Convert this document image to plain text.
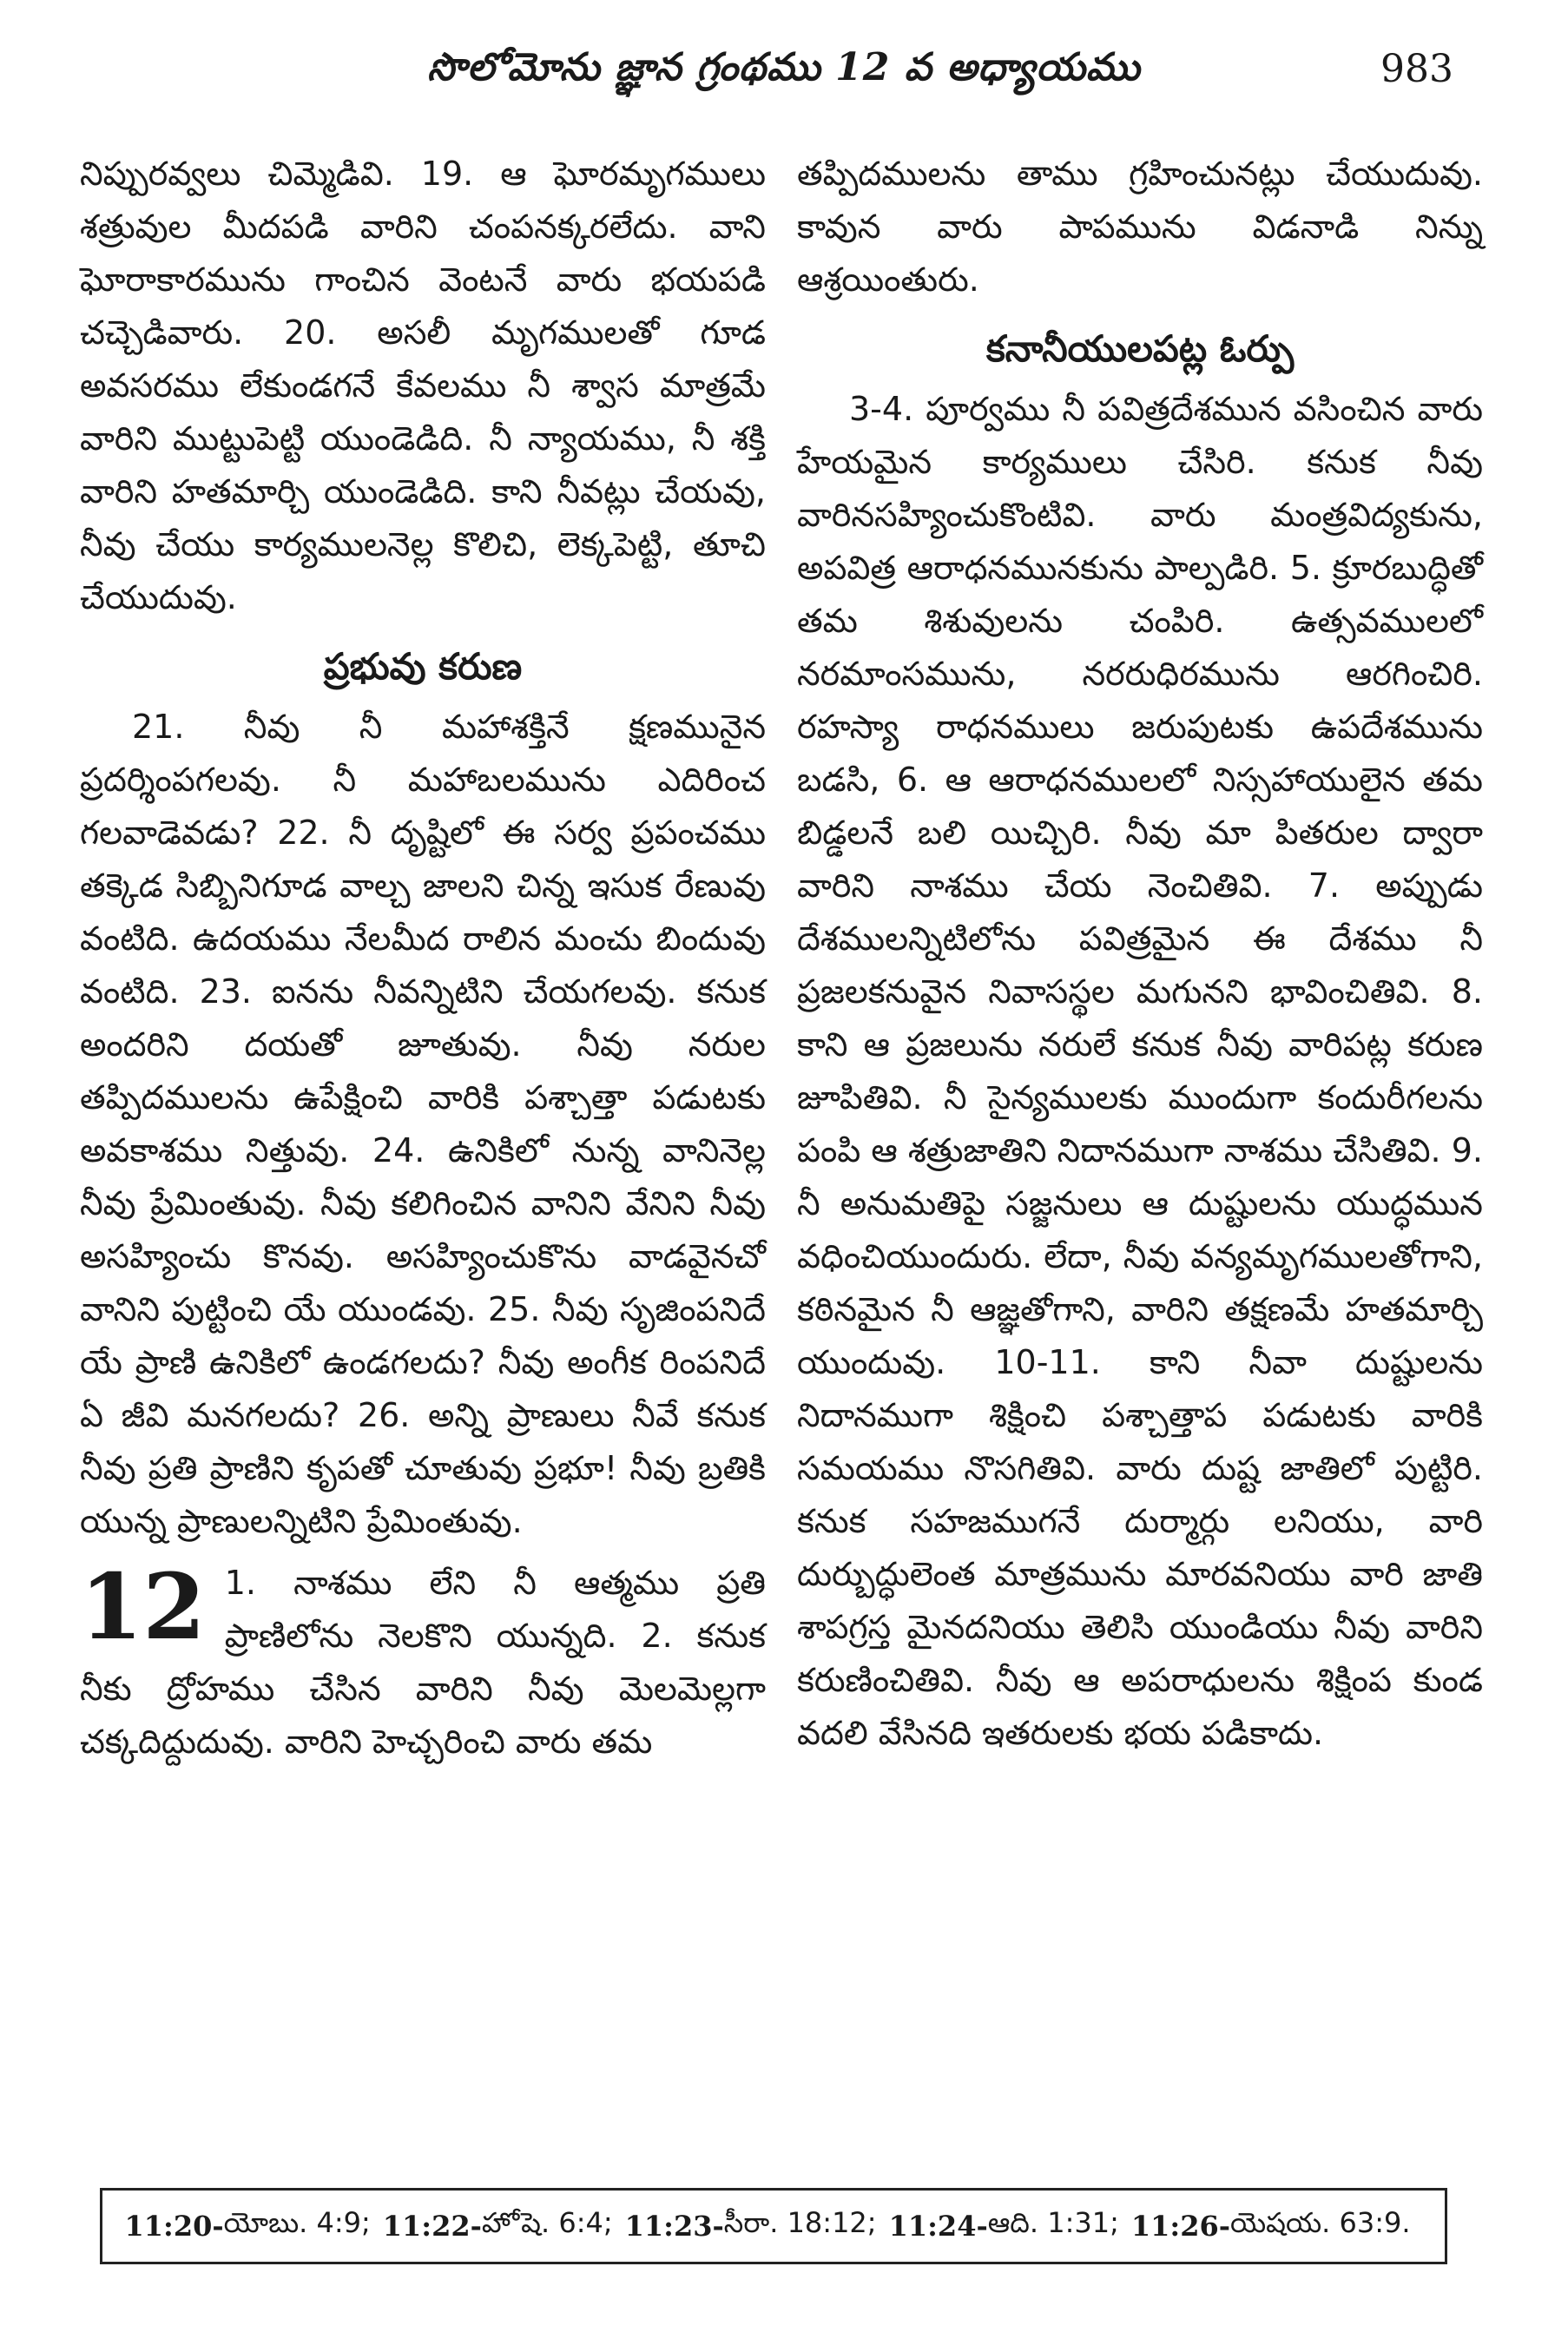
సొలోమోను జ్ఞాన గ్రంథము 12 వ అధ్యాయము	983

నిప్పురవ్వలు చిమ్మెడివి. 19. ఆ ఘోరమృగములు శత్రువుల మీదపడి వారిని చంపనక్కరలేదు. వాని ఘోరాకారమును గాంచిన వెంటనే వారు భయపడి చచ్చెడివారు. 20. అసలీ మృగములతో గూడ అవసరము లేకుండగనే కేవలము నీ శ్వాస మాత్రమే వారిని ముట్టుపెట్టి యుండెడిది. నీ న్యాయము, నీ శక్తి వారిని హతమార్చి యుండెడిది. కాని నీవట్లు చేయవు, నీవు చేయు కార్యములనెల్ల కొలిచి, లెక్కపెట్టి, తూచి చేయుదువు.

ప్రభువు కరుణ

21. నీవు నీ మహాశక్తినే క్షణమునైన ప్రదర్శింపగలవు. నీ మహాబలమును ఎదిరించ గలవాడెవడు? 22. నీ దృష్టిలో ఈ సర్వ ప్రపంచము తక్కెడ సిబ్బినిగూడ వాల్చ జాలని చిన్న ఇసుక రేణువు వంటిది. ఉదయము నేలమీద రాలిన మంచు బిందువు వంటిది. 23. ఐనను నీవన్నిటిని చేయగలవు. కనుక అందరిని దయతో జూతువు. నీవు నరుల తప్పిదములను ఉపేక్షించి వారికి పశ్చాత్తా పడుటకు అవకాశము నిత్తువు. 24. ఉనికిలో నున్న వానినెల్ల నీవు ప్రేమింతువు. నీవు కలిగించిన వానిని వేనిని నీవు అసహ్యించు కొనవు. అసహ్యించుకొను వాడవైనచో వానిని పుట్టించి యే యుండవు. 25. నీవు సృజింపనిదే యే ప్రాణి ఉనికిలో ఉండగలదు? నీవు అంగీక రింపనిదే ఏ జీవి మనగలదు? 26. అన్ని ప్రాణులు నీవే కనుక నీవు ప్రతి ప్రాణిని కృపతో చూతువు ప్రభూ! నీవు బ్రతికి యున్న ప్రాణులన్నిటిని ప్రేమింతువు.

12 1. నాశము లేని నీ ఆత్మము ప్రతి ప్రాణిలోను నెలకొని యున్నది. 2. కనుక నీకు ద్రోహము చేసిన వారిని నీవు మెలమెల్లగా చక్కదిద్దుదువు. వారిని హెచ్చరించి వారు తమ

తప్పిదములను తాము గ్రహించునట్లు చేయుదువు. కావున వారు పాపమును విడనాడి నిన్ను ఆశ్రయింతురు.

కనానీయులపట్ల ఓర్పు

3-4. పూర్వము నీ పవిత్రదేశమున వసించిన వారు హేయమైన కార్యములు చేసిరి. కనుక నీవు వారినసహ్యించుకొంటివి. వారు మంత్రవిద్యకును, అపవిత్ర ఆరాధనమునకును పాల్పడిరి. 5. క్రూరబుద్ధితో తమ శిశువులను చంపిరి. ఉత్సవములలో నరమాంసమును, నరరుధిరమును ఆరగించిరి. రహస్యా రాధనములు జరుపుటకు ఉపదేశమును బడసి, 6. ఆ ఆరాధనములలో నిస్సహాయులైన తమ బిడ్డలనే బలి యిచ్చిరి. నీవు మా పితరుల ద్వారా వారిని నాశము చేయ నెంచితివి. 7. అప్పుడు దేశములన్నిటిలోను పవిత్రమైన ఈ దేశము నీ ప్రజలకనువైన నివాసస్థల మగునని భావించితివి. 8. కాని ఆ ప్రజలును నరులే కనుక నీవు వారిపట్ల కరుణ జూపితివి. నీ సైన్యములకు ముందుగా కందురీగలను పంపి ఆ శత్రుజాతిని నిదానముగా నాశము చేసితివి. 9. నీ అనుమతిపై సజ్జనులు ఆ దుష్టులను యుద్ధమున వధించియుందురు. లేదా, నీవు వన్యమృగములతోగాని, కఠినమైన నీ ఆజ్ఞతోగాని, వారిని తక్షణమే హతమార్చి యుందువు. 10-11. కాని నీవా దుష్టులను నిదానముగా శిక్షించి పశ్చాత్తాప పడుటకు వారికి సమయము నొసగితివి. వారు దుష్ట జాతిలో పుట్టిరి. కనుక సహజముగనే దుర్మార్గు లనియు, వారి దుర్బుద్ధులెంత మాత్రమును మారవనియు వారి జాతి శాపగ్రస్త మైనదనియు తెలిసి యుండియు నీవు వారిని కరుణించితివి. నీవు ఆ అపరాధులను శిక్షింప కుండ వదలి వేసినది ఇతరులకు భయ పడికాదు.

11:20- యోబు. 4:9; 11:22- హోషె. 6:4; 11:23- సీరా. 18:12; 11:24- ఆది. 1:31; 11:26- యెషయ. 63:9.
